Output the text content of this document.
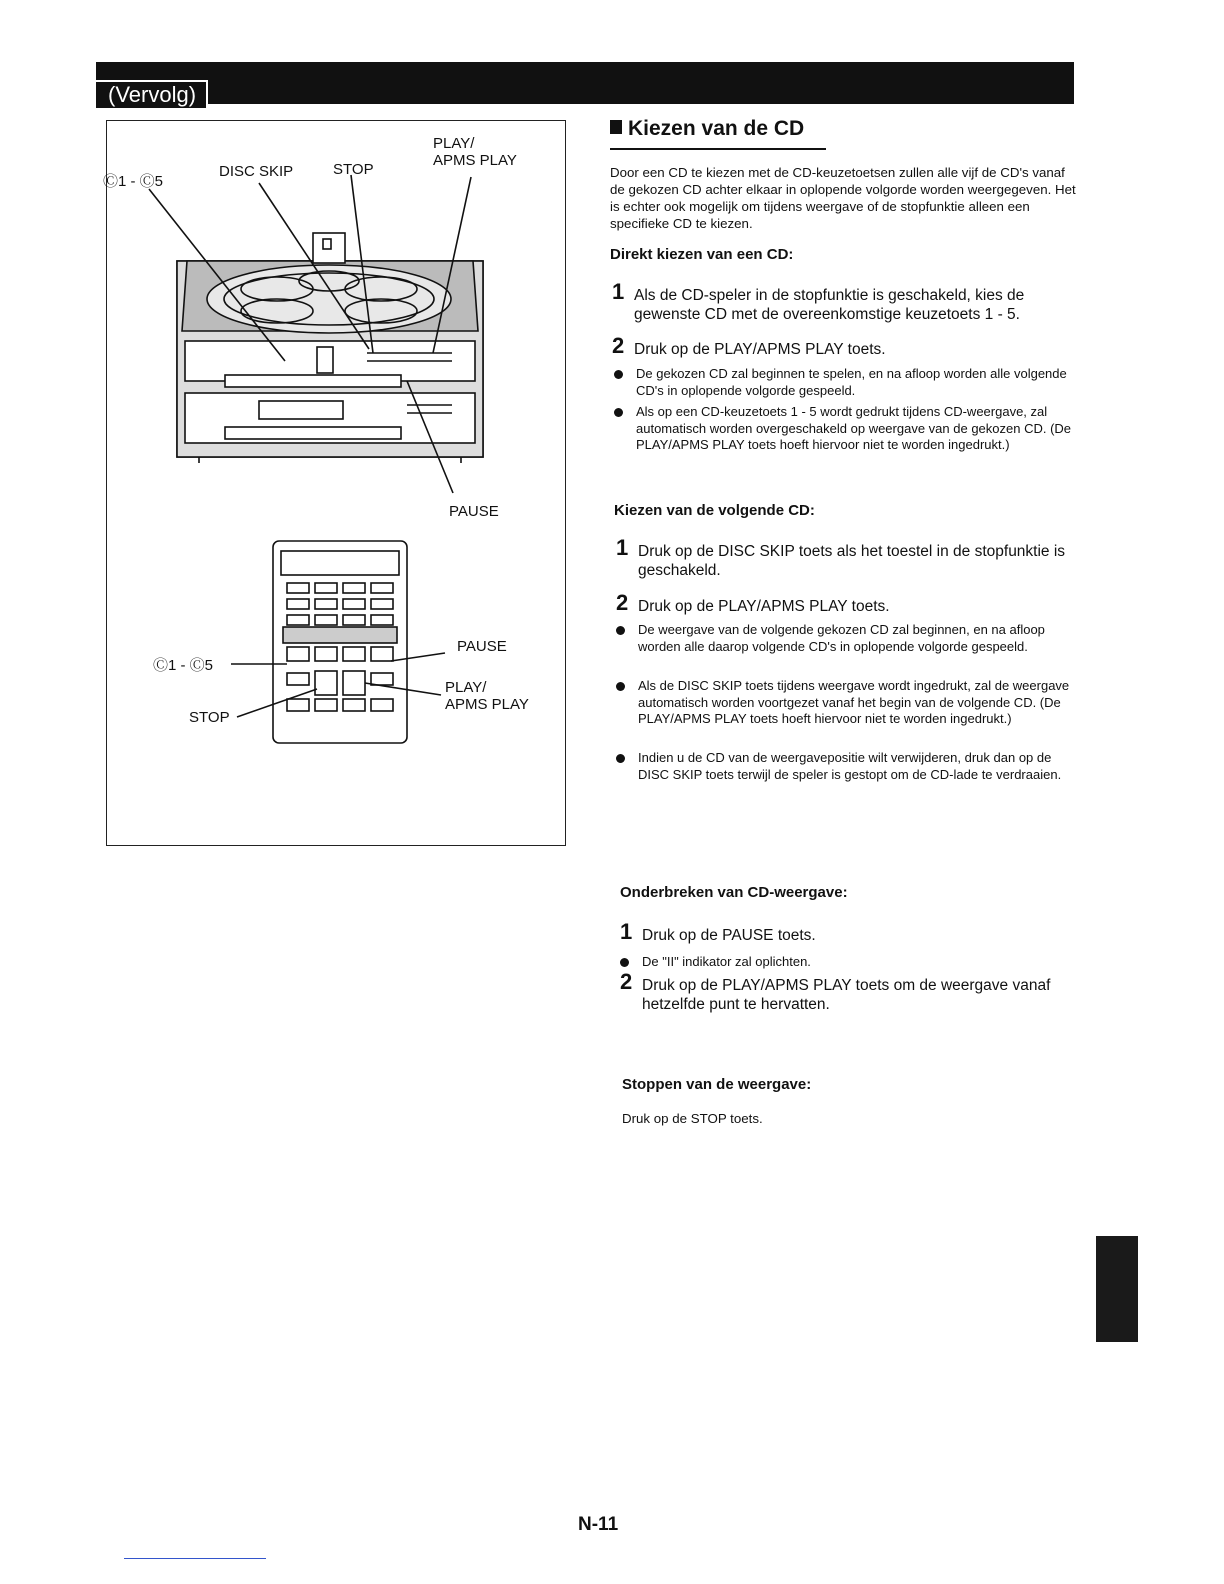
(Vervolg)
Ⓒ1 - Ⓒ5
DISC SKIP	STOP
PLAY/
APMS PLAY
PAUSE
Ⓒ1 - Ⓒ5
STOP
PAUSE
PLAY/
APMS PLAY
Kiezen van de CD
Door een CD te kiezen met de CD-keuzetoetsen zullen alle vijf de CD's vanaf de gekozen CD achter elkaar in oplopende volgorde worden weergegeven. Het is echter ook mogelijk om tijdens weergave of de stopfunktie alleen een specifieke CD te kiezen.
Direkt kiezen van een CD:
1 Als de CD-speler in de stopfunktie is geschakeld, kies de gewenste CD met de overeenkomstige keuzetoets 1 - 5.
2 Druk op de PLAY/APMS PLAY toets.
De gekozen CD zal beginnen te spelen, en na afloop worden alle volgende CD's in oplopende volgorde gespeeld.
Als op een CD-keuzetoets 1 - 5 wordt gedrukt tijdens CD-weergave, zal automatisch worden overgeschakeld op weergave van de gekozen CD. (De PLAY/APMS PLAY toets hoeft hiervoor niet te worden ingedrukt.)
Kiezen van de volgende CD:
1 Druk op de DISC SKIP toets als het toestel in de stopfunktie is geschakeld.
2 Druk op de PLAY/APMS PLAY toets.
De weergave van de volgende gekozen CD zal beginnen, en na afloop worden alle daarop volgende CD's in oplopende volgorde gespeeld.
Als de DISC SKIP toets tijdens weergave wordt ingedrukt, zal de weergave automatisch worden voortgezet vanaf het begin van de volgende CD. (De PLAY/APMS PLAY toets hoeft hiervoor niet te worden ingedrukt.)
Indien u de CD van de weergavepositie wilt verwijderen, druk dan op de DISC SKIP toets terwijl de speler is gestopt om de CD-lade te verdraaien.
Onderbreken van CD-weergave:
1 Druk op de PAUSE toets.
De "II" indikator zal oplichten.
2 Druk op de PLAY/APMS PLAY toets om de weergave vanaf hetzelfde punt te hervatten.
Stoppen van de weergave:
Druk op de STOP toets.
N-11
